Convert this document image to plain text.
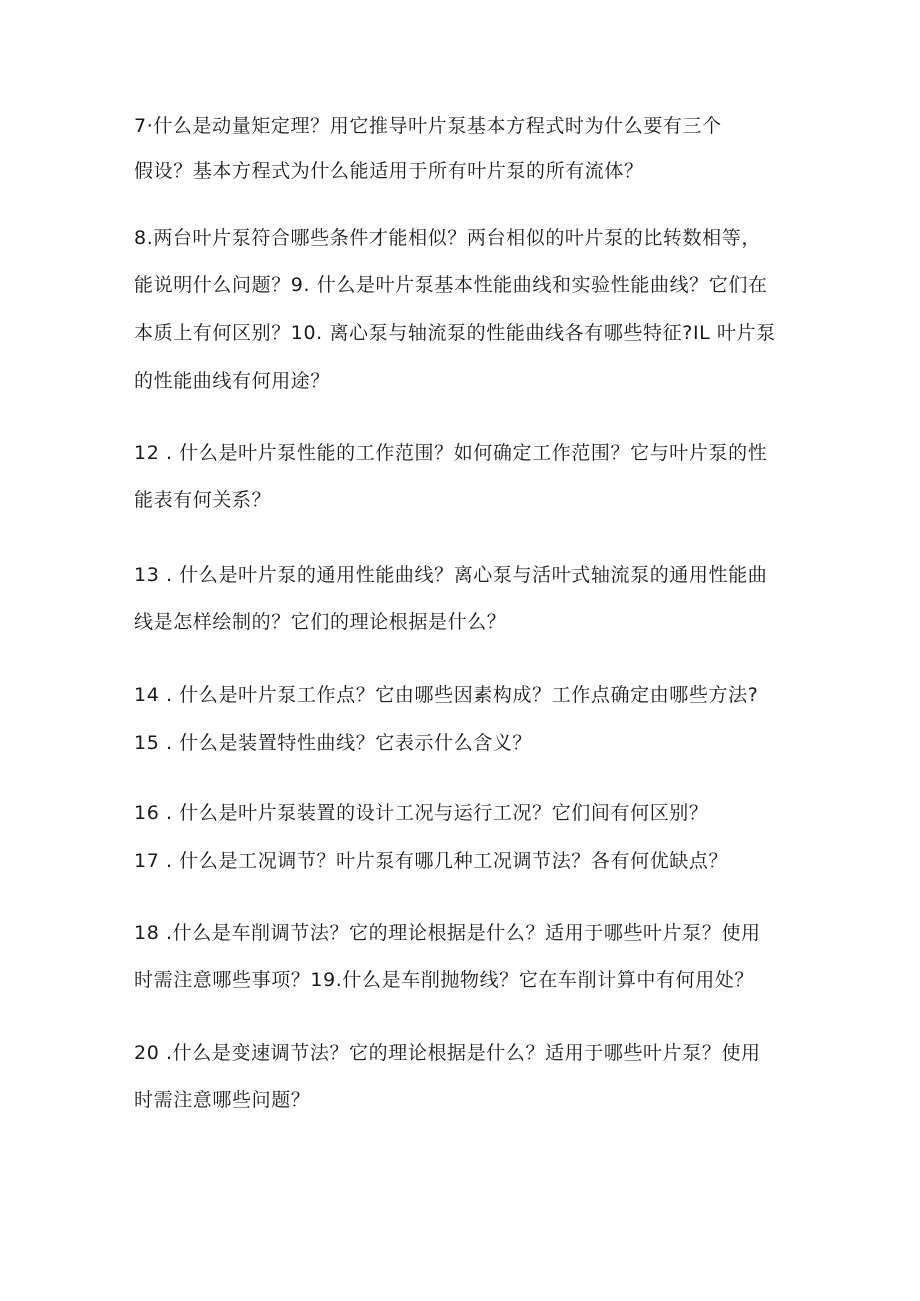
7·什么是动量矩定理？用它推导叶片泵基本方程式时为什么要有三个
假设？基本方程式为什么能适用于所有叶片泵的所有流体？
8.两台叶片泵符合哪些条件才能相似？两台相似的叶片泵的比转数相等，
能说明什么问题？9. 什么是叶片泵基本性能曲线和实验性能曲线？它们在
本质上有何区别？10. 离心泵与轴流泵的性能曲线各有哪些特征?IL 叶片泵
的性能曲线有何用途？
12 . 什么是叶片泵性能的工作范围？如何确定工作范围？它与叶片泵的性
能表有何关系？
13 . 什么是叶片泵的通用性能曲线？离心泵与活叶式轴流泵的通用性能曲
线是怎样绘制的？它们的理论根据是什么？
14 . 什么是叶片泵工作点？它由哪些因素构成？工作点确定由哪些方法?
15 . 什么是装置特性曲线？它表示什么含义？
16 . 什么是叶片泵装置的设计工况与运行工况？它们间有何区别？
17 . 什么是工况调节？叶片泵有哪几种工况调节法？各有何优缺点？
18 .什么是车削调节法？它的理论根据是什么？适用于哪些叶片泵？使用
时需注意哪些事项？19.什么是车削抛物线？它在车削计算中有何用处？
20 .什么是变速调节法？它的理论根据是什么？适用于哪些叶片泵？使用
时需注意哪些问题？
